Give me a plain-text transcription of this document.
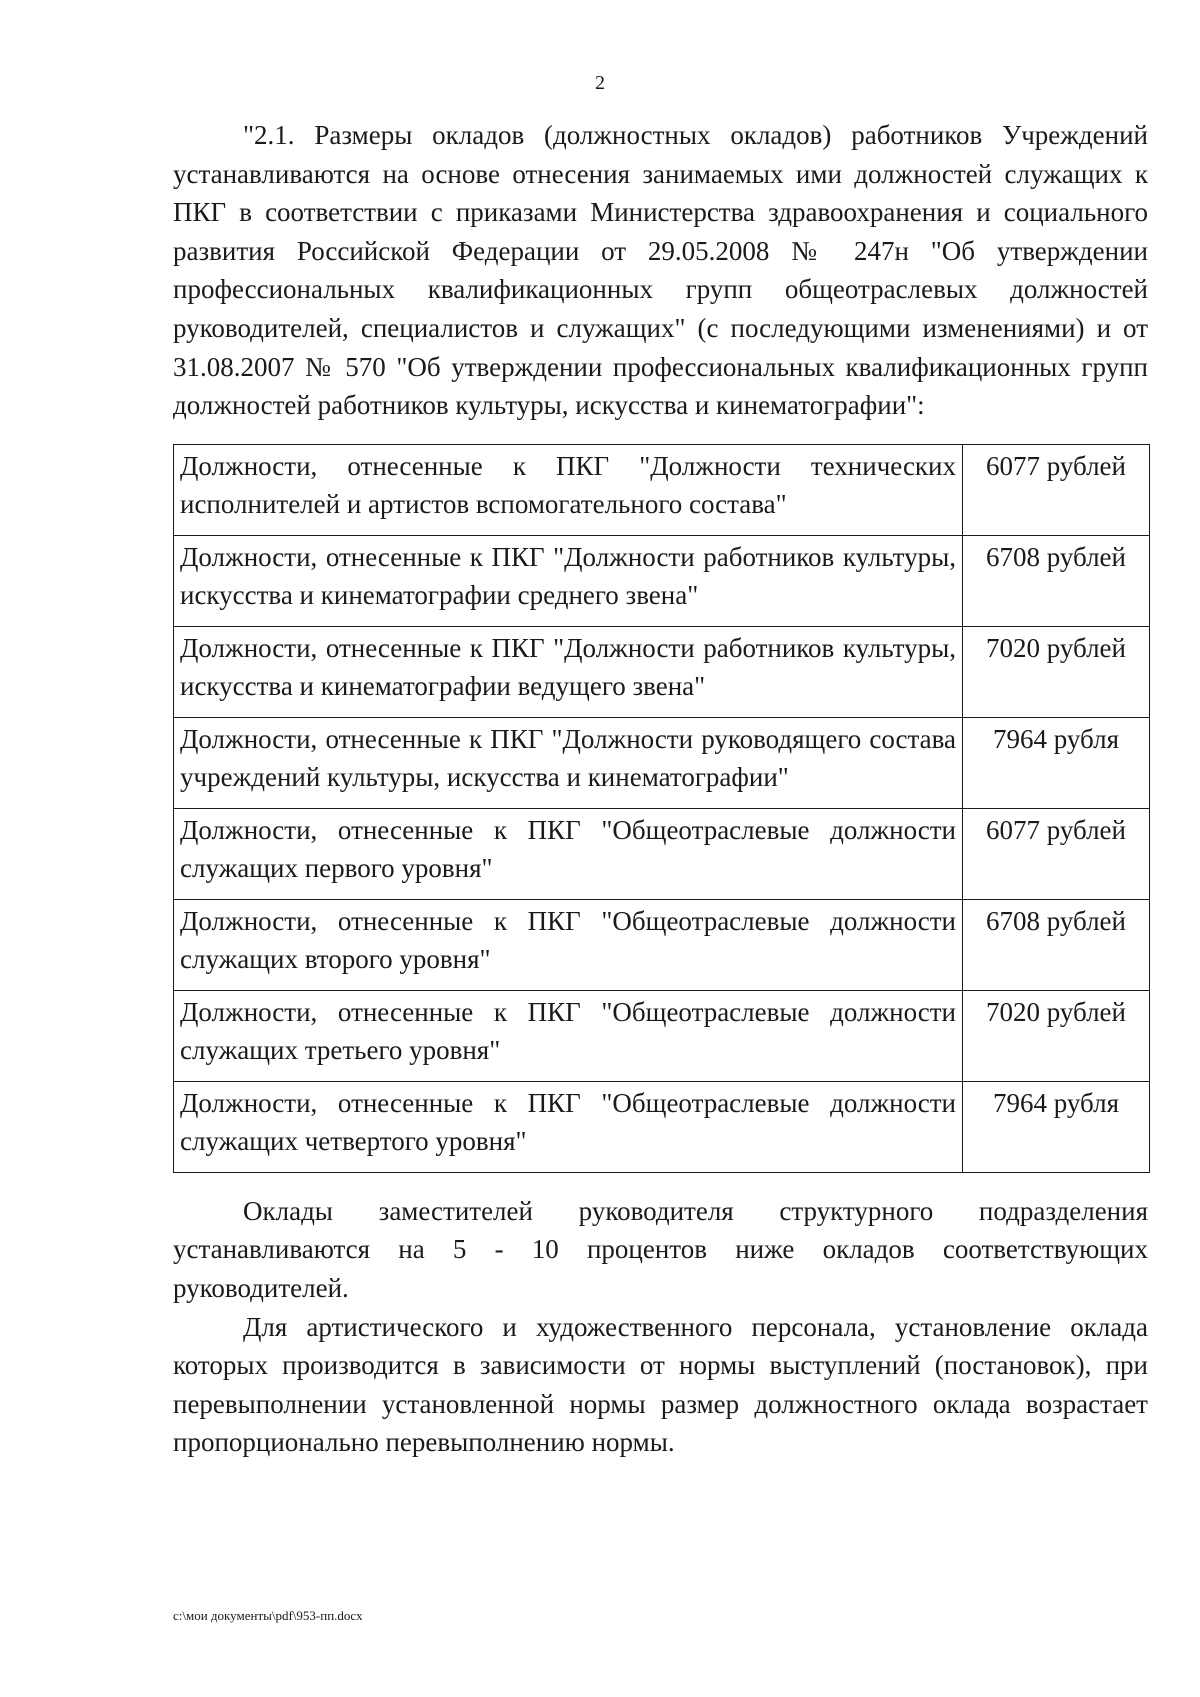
2

"2.1. Размеры окладов (должностных окладов) работников Учреждений устанавливаются на основе отнесения занимаемых ими должностей служащих к ПКГ в соответствии с приказами Министерства здравоохранения и социального развития Российской Федерации от 29.05.2008 № 247н "Об утверждении профессиональных квалификационных групп общеотраслевых должностей руководителей, специалистов и служащих" (с последующими изменениями) и от 31.08.2007 № 570 "Об утверждении профессиональных квалификационных групп должностей работников культуры, искусства и кинематографии":

Должности, отнесенные к ПКГ "Должности технических исполнителей и артистов вспомогательного состава"	6077 рублей
Должности, отнесенные к ПКГ "Должности работников культуры, искусства и кинематографии среднего звена"	6708 рублей
Должности, отнесенные к ПКГ "Должности работников культуры, искусства и кинематографии ведущего звена"	7020 рублей
Должности, отнесенные к ПКГ "Должности руководящего состава учреждений культуры, искусства и кинематографии"	7964 рубля
Должности, отнесенные к ПКГ "Общеотраслевые должности служащих первого уровня"	6077 рублей
Должности, отнесенные к ПКГ "Общеотраслевые должности служащих второго уровня"	6708 рублей
Должности, отнесенные к ПКГ "Общеотраслевые должности служащих третьего уровня"	7020 рублей
Должности, отнесенные к ПКГ "Общеотраслевые должности служащих четвертого уровня"	7964 рубля

Оклады заместителей руководителя структурного подразделения устанавливаются на 5 - 10 процентов ниже окладов соответствующих руководителей.

Для артистического и художественного персонала, установление оклада которых производится в зависимости от нормы выступлений (постановок), при перевыполнении установленной нормы размер должностного оклада возрастает пропорционально перевыполнению нормы.

c:\мои документы\pdf\953-пп.docx
